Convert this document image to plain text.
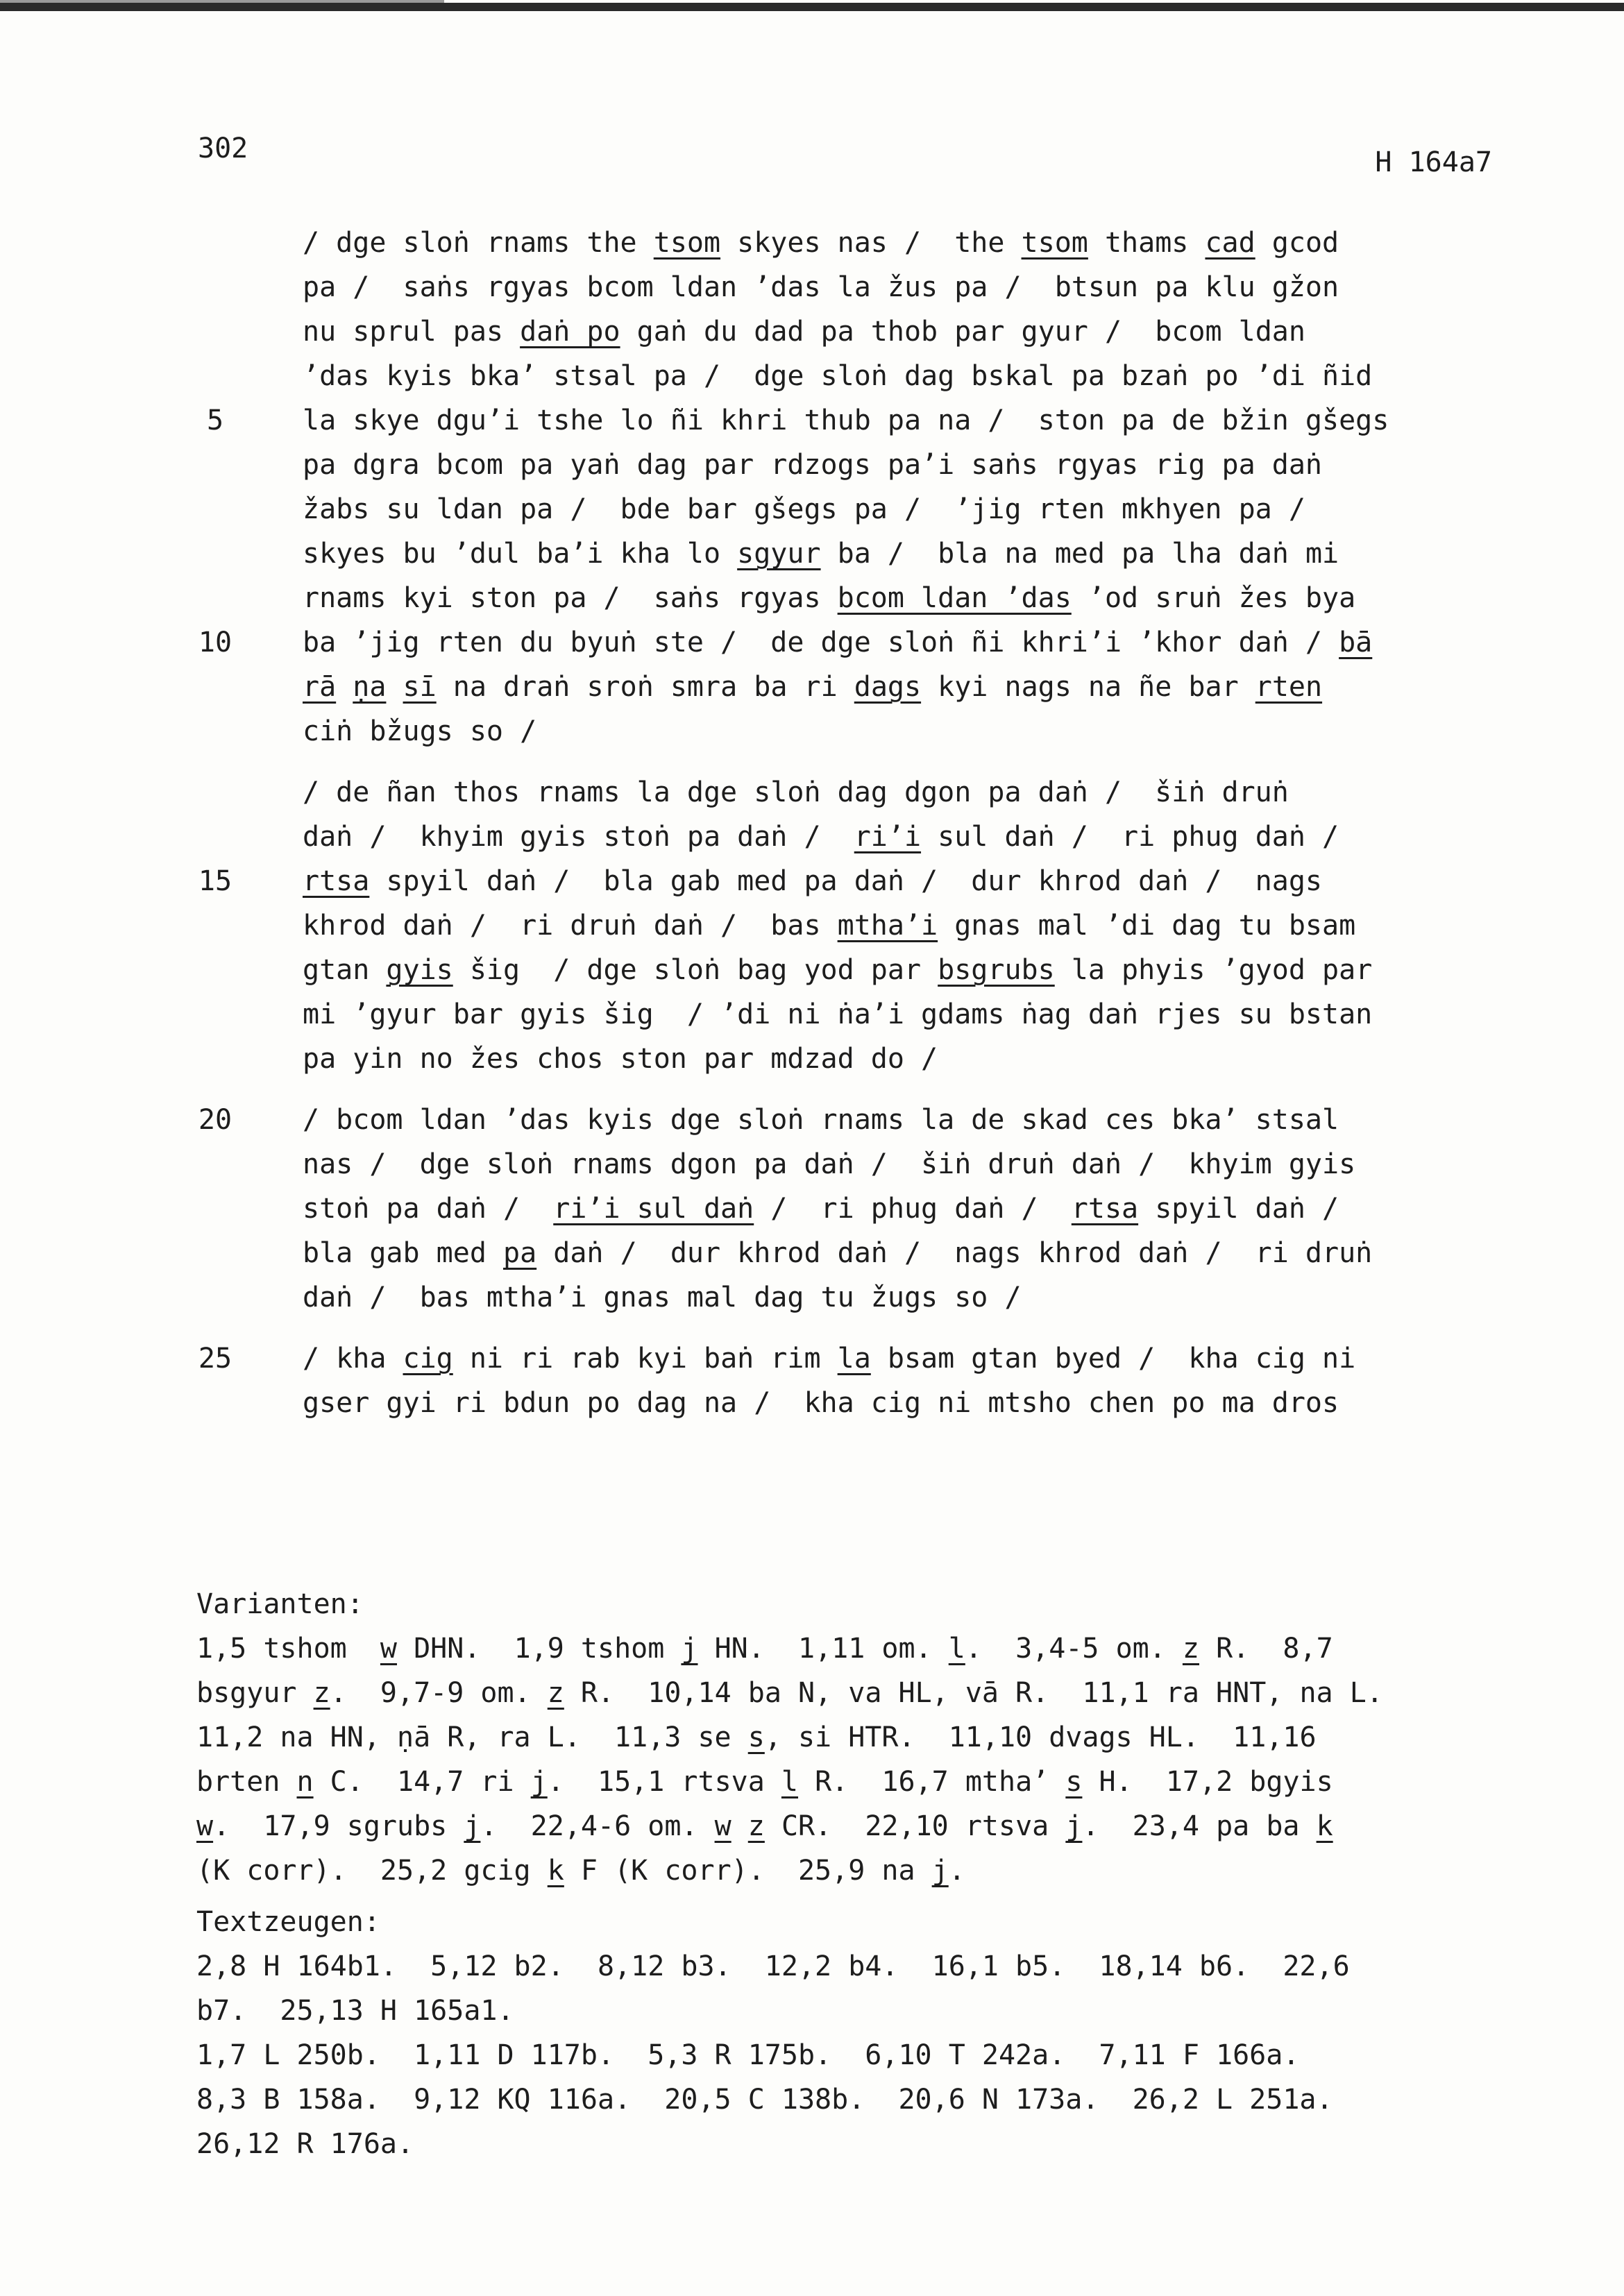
302	H 164a7
/ dge sloṅ rnams the tsom skyes nas /  the tsom thams cad gcod
pa /  saṅs rgyas bcom ldan ’das la žus pa /  btsun pa klu gžon
nu sprul pas daṅ po gaṅ du dad pa thob par gyur /  bcom ldan
’das kyis bka’ stsal pa /  dge sloṅ dag bskal pa bzaṅ po ’di ñid
5	la skye dgu’i tshe lo ñi khri thub pa na /  ston pa de bžin gšegs
pa dgra bcom pa yaṅ dag par rdzogs pa’i saṅs rgyas rig pa daṅ
žabs su ldan pa /  bde bar gšegs pa /  ’jig rten mkhyen pa /
skyes bu ’dul ba’i kha lo sgyur ba /  bla na med pa lha daṅ mi
rnams kyi ston pa /  saṅs rgyas bcom ldan ’das ’od sruṅ žes bya
10	ba ’jig rten du byuṅ ste /  de dge sloṅ ñi khri’i ’khor daṅ / bā
rā ṇa sī na draṅ sroṅ smra ba ri dags kyi nags na ñe bar rten
ciṅ bžugs so /
/ de ñan thos rnams la dge sloṅ dag dgon pa daṅ /  šiṅ druṅ
daṅ /  khyim gyis stoṅ pa daṅ /  ri’i sul daṅ /  ri phug daṅ /
15	rtsa spyil daṅ /  bla gab med pa daṅ /  dur khrod daṅ /  nags
khrod daṅ /  ri druṅ daṅ /  bas mtha’i gnas mal ’di dag tu bsam
gtan gyis šig  / dge sloṅ bag yod par bsgrubs la phyis ’gyod par
mi ’gyur bar gyis šig  / ’di ni ṅa’i gdams ṅag daṅ rjes su bstan
pa yin no žes chos ston par mdzad do /
20	/ bcom ldan ’das kyis dge sloṅ rnams la de skad ces bka’ stsal
nas /  dge sloṅ rnams dgon pa daṅ /  šiṅ druṅ daṅ /  khyim gyis
stoṅ pa daṅ /  ri’i sul daṅ /  ri phug daṅ /  rtsa spyil daṅ /
bla gab med pa daṅ /  dur khrod daṅ /  nags khrod daṅ /  ri druṅ
daṅ /  bas mtha’i gnas mal dag tu žugs so /
25	/ kha cig ni ri rab kyi baṅ rim la bsam gtan byed /  kha cig ni
gser gyi ri bdun po dag na /  kha cig ni mtsho chen po ma dros
Varianten:
1,5 tshom  w DHN.  1,9 tshom j HN.  1,11 om. l.  3,4-5 om. z R.  8,7
bsgyur z.  9,7-9 om. z R.  10,14 ba N, va HL, vā R.  11,1 ra HNT, na L.
11,2 na HN, ṇā R, ra L.  11,3 se s, si HTR.  11,10 dvags HL.  11,16
brten n C.  14,7 ri j.  15,1 rtsva l R.  16,7 mtha’ s H.  17,2 bgyis
w.  17,9 sgrubs j.  22,4-6 om. w z CR.  22,10 rtsva j.  23,4 pa ba k
(K corr).  25,2 gcig k F (K corr).  25,9 na j.
Textzeugen:
2,8 H 164b1.  5,12 b2.  8,12 b3.  12,2 b4.  16,1 b5.  18,14 b6.  22,6
b7.  25,13 H 165a1.
1,7 L 250b.  1,11 D 117b.  5,3 R 175b.  6,10 T 242a.  7,11 F 166a.
8,3 B 158a.  9,12 KQ 116a.  20,5 C 138b.  20,6 N 173a.  26,2 L 251a.
26,12 R 176a.
